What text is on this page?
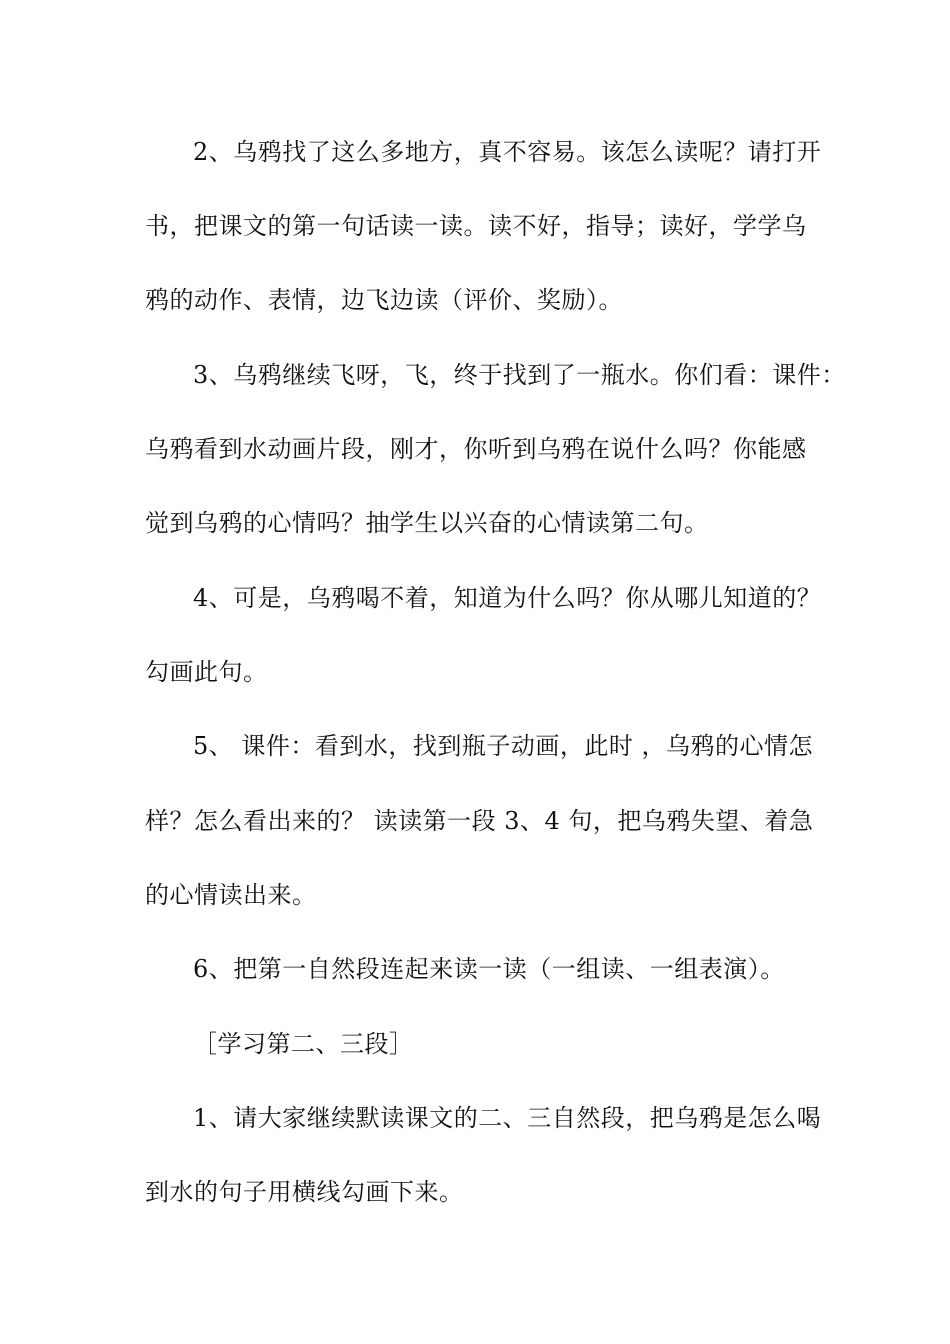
2、乌鸦找了这么多地方，真不容易。该怎么读呢？请打开
书，把课文的第一句话读一读。读不好，指导；读好，学学乌
鸦的动作、表情，边飞边读（评价、奖励）。
3、乌鸦继续飞呀，飞，终于找到了一瓶水。你们看：课件：
乌鸦看到水动画片段，刚才，你听到乌鸦在说什么吗？你能感
觉到乌鸦的心情吗？抽学生以兴奋的心情读第二句。
4、可是，乌鸦喝不着，知道为什么吗？你从哪儿知道的？
勾画此句。
5、 课件：看到水，找到瓶子动画，此时 ，乌鸦的心情怎
样？怎么看出来的？ 读读第一段 3、4 句，把乌鸦失望、着急
的心情读出来。
6、把第一自然段连起来读一读（一组读、一组表演）。
［学习第二、三段］
1、请大家继续默读课文的二、三自然段，把乌鸦是怎么喝
到水的句子用横线勾画下来。
